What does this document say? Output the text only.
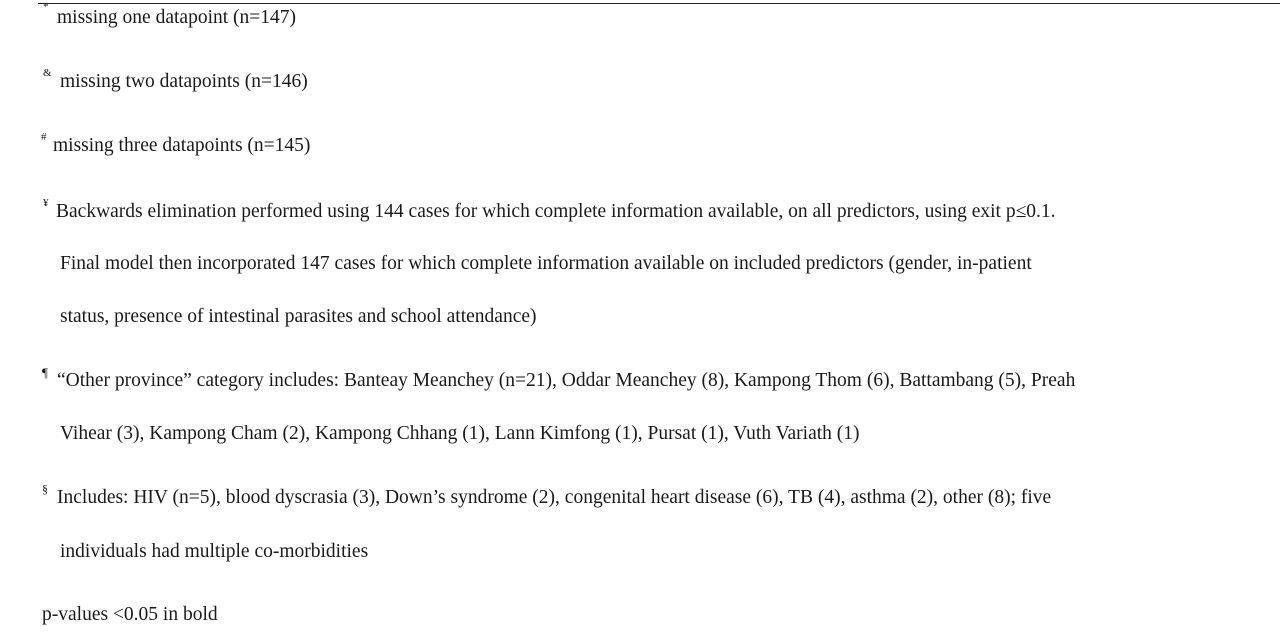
* missing one datapoint (n=147)
& missing two datapoints (n=146)
# missing three datapoints (n=145)
¥ Backwards elimination performed using 144 cases for which complete information available, on all predictors, using exit p≤0.1.
Final model then incorporated 147 cases for which complete information available on included predictors (gender, in-patient
status, presence of intestinal parasites and school attendance)
¶ “Other province” category includes: Banteay Meanchey (n=21), Oddar Meanchey (8), Kampong Thom (6), Battambang (5), Preah
Vihear (3), Kampong Cham (2), Kampong Chhang (1), Lann Kimfong (1), Pursat (1), Vuth Variath (1)
§ Includes: HIV (n=5), blood dyscrasia (3), Down’s syndrome (2), congenital heart disease (6), TB (4), asthma (2), other (8); five
individuals had multiple co-morbidities
p-values <0.05 in bold
